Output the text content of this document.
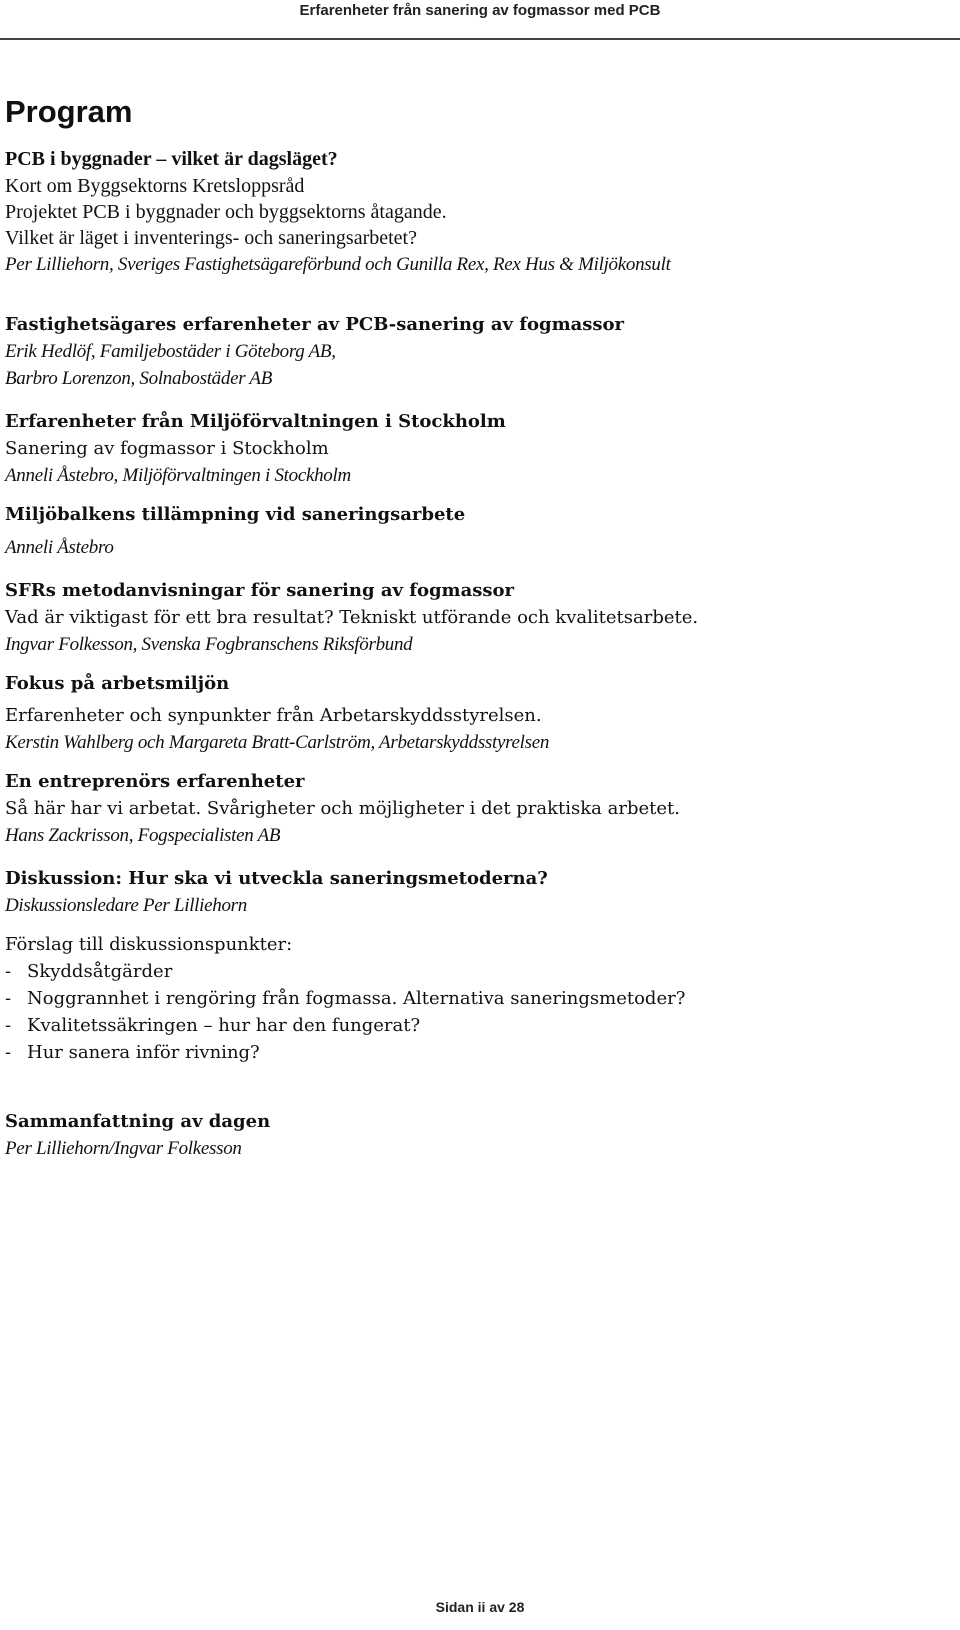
Erfarenheter från sanering av fogmassor med PCB
Program
PCB i byggnader – vilket är dagsläget?
Kort om Byggsektorns Kretsloppsråd
Projektet PCB i byggnader och byggsektorns åtagande.
Vilket är läget i inventerings- och saneringsarbetet?
Per Lilliehorn, Sveriges Fastighetsägareförbund och Gunilla Rex, Rex Hus & Miljökonsult
Fastighetsägares erfarenheter av PCB-sanering av fogmassor
Erik Hedlöf, Familjebostäder i Göteborg AB,
Barbro Lorenzon, Solnabostäder AB
Erfarenheter från Miljöförvaltningen i Stockholm
Sanering av fogmassor i Stockholm
Anneli Åstebro, Miljöförvaltningen i Stockholm
Miljöbalkens tillämpning vid saneringsarbete
Anneli Åstebro
SFRs metodanvisningar för sanering av fogmassor
Vad är viktigast för ett bra resultat? Tekniskt utförande och kvalitetsarbete.
Ingvar Folkesson, Svenska Fogbranschens Riksförbund
Fokus på arbetsmiljön
Erfarenheter och synpunkter från Arbetarskyddsstyrelsen.
Kerstin Wahlberg och Margareta Bratt-Carlström, Arbetarskyddsstyrelsen
En entreprenörs erfarenheter
Så här har vi arbetat. Svårigheter och möjligheter i det praktiska arbetet.
Hans Zackrisson, Fogspecialisten AB
Diskussion: Hur ska vi utveckla saneringsmetoderna?
Diskussionsledare Per Lilliehorn
Förslag till diskussionspunkter:
- Skyddsåtgärder
- Noggrannhet i rengöring från fogmassa. Alternativa saneringsmetoder?
- Kvalitetssäkringen – hur har den fungerat?
- Hur sanera inför rivning?
Sammanfattning av dagen
Per Lilliehorn/Ingvar Folkesson
Sidan ii av 28
